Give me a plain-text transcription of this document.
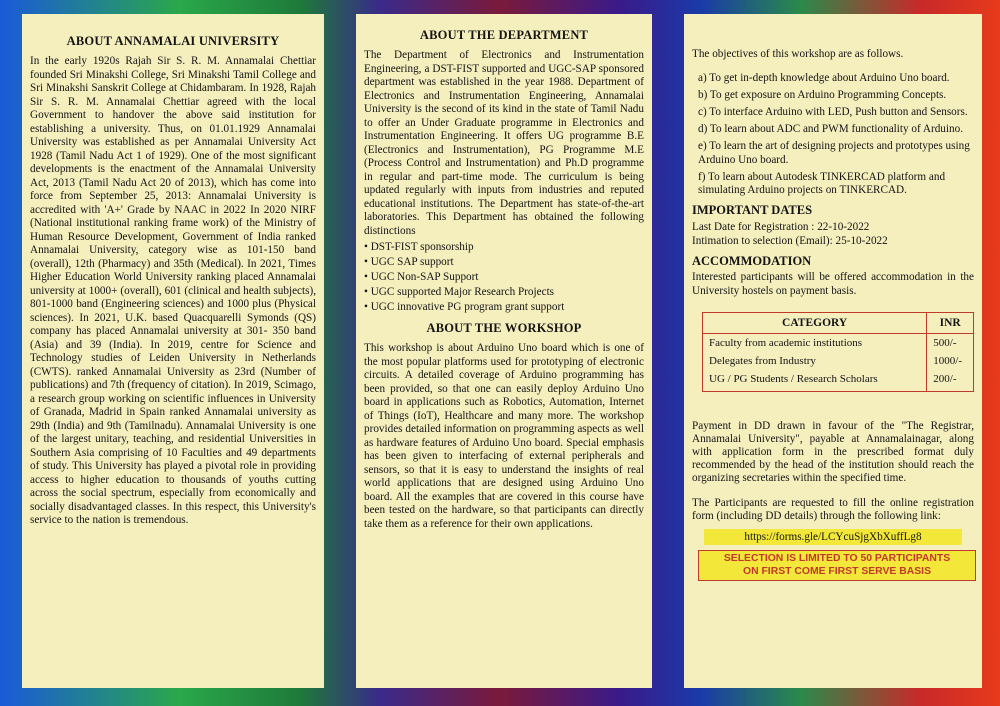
ABOUT ANNAMALAI UNIVERSITY

In the early 1920s Rajah Sir S. R. M. Annamalai Chettiar founded Sri Minakshi College, Sri Minakshi Tamil College and Sri Minakshi Sanskrit College at Chidambaram. In 1928, Rajah Sir S. R. M. Annamalai Chettiar agreed with the local Government to handover the above said institution for establishing a university. Thus, on 01.01.1929 Annamalai University was established as per Annamalai University Act 1928 (Tamil Nadu Act 1 of 1929). One of the most significant developments is the enactment of the Annamalai University Act, 2013 (Tamil Nadu Act 20 of 2013), which has come into force from September 25, 2013: Annamalai University is accredited with 'A+' Grade by NAAC in 2022 In 2020 NIRF (National institutional ranking frame work) of the Ministry of Human Resource Development, Government of India ranked Annamalai University, category wise as 101-150 band (overall), 12th (Pharmacy) and 35th (Medical). In 2021, Times Higher Education World University ranking placed Annamalai university at 1000+ (overall), 601 (clinical and health subjects), 801-1000 band (Engineering sciences) and 1000 plus (Physical sciences). In 2021, U.K. based Quacquarelli Symonds (QS) company has placed Annamalai university at 301- 350 band (Asia) and 39 (India). In 2019, centre for Science and Technology studies of Leiden University in Netherlands (CWTS). ranked Annamalai University as 23rd (Number of publications) and 7th (frequency of citation). In 2019, Scimago, a research group working on scientific influences in University of Granada, Madrid in Spain ranked Annamalai university as 29th (India) and 9th (Tamilnadu). Annamalai University is one of the largest unitary, teaching, and residential Universities in Southern Asia comprising of 10 Faculties and 49 departments of study. This University has played a pivotal role in providing access to higher education to thousands of youths cutting across the social spectrum, especially from economically and socially disadvantaged classes. In this respect, this University's service to the nation is tremendous.

ABOUT THE DEPARTMENT

The Department of Electronics and Instrumentation Engineering, a DST-FIST supported and UGC-SAP sponsored department was established in the year 1988. Department of Electronics and Instrumentation Engineering, Annamalai University is the second of its kind in the state of Tamil Nadu to offer an Under Graduate programme in Electronics and Instrumentation Engineering. It offers UG programme B.E (Electronics and Instrumentation), PG Programme M.E (Process Control and Instrumentation) and Ph.D programme in regular and part-time mode. The curriculum is being updated regularly with inputs from industries and reputed educational institutions. The Department has state-of-the-art laboratories. This Department has obtained the following distinctions

• DST-FIST sponsorship
• UGC SAP support
• UGC Non-SAP Support
• UGC supported Major Research Projects
• UGC innovative PG program grant support
ABOUT THE WORKSHOP

This workshop is about Arduino Uno board which is one of the most popular platforms used for prototyping of electronic circuits. A detailed coverage of Arduino programming has been provided, so that one can easily deploy Arduino Uno board in applications such as Robotics, Automation, Internet of Things (IoT), Healthcare and many more. The workshop provides detailed information on programming aspects as well as hardware features of Arduino Uno board. Special emphasis has been given to interfacing of external peripherals and sensors, so that it is easy to understand the insights of real world applications that are designed using Arduino Uno board. All the examples that are covered in this course have been tested on the hardware, so that participants can directly take them as a reference for their own applications.

The objectives of this workshop are as follows.

a) To get in-depth knowledge about Arduino Uno board.
b) To get exposure on Arduino Programming Concepts.
c) To interface Arduino with LED, Push button and Sensors.
d) To learn about ADC and PWM functionality of Arduino.
e) To learn the art of designing projects and prototypes using Arduino Uno board.
f) To learn about Autodesk TINKERCAD platform and simulating Arduino projects on TINKERCAD.
IMPORTANT DATES

Last Date for Registration : 22-10-2022

Intimation to selection (Email): 25-10-2022

ACCOMMODATION

Interested participants will be offered accommodation in the University hostels on payment basis.

CATEGORY	INR
Faculty from academic institutions	500/-
Delegates from Industry	1000/-
UG / PG Students / Research Scholars	200/-

Payment in DD drawn in favour of the "The Registrar, Annamalai University", payable at Annamalainagar, along with application form in the prescribed format duly recommended by the head of the institution should reach the organizing secretaries within the specified time.

The Participants are requested to fill the online registration form (including DD details) through the following link:

https://forms.gle/LCYcuSjgXbXuffLg8
SELECTION IS LIMITED TO 50 PARTICIPANTS
ON FIRST COME FIRST SERVE BASIS
